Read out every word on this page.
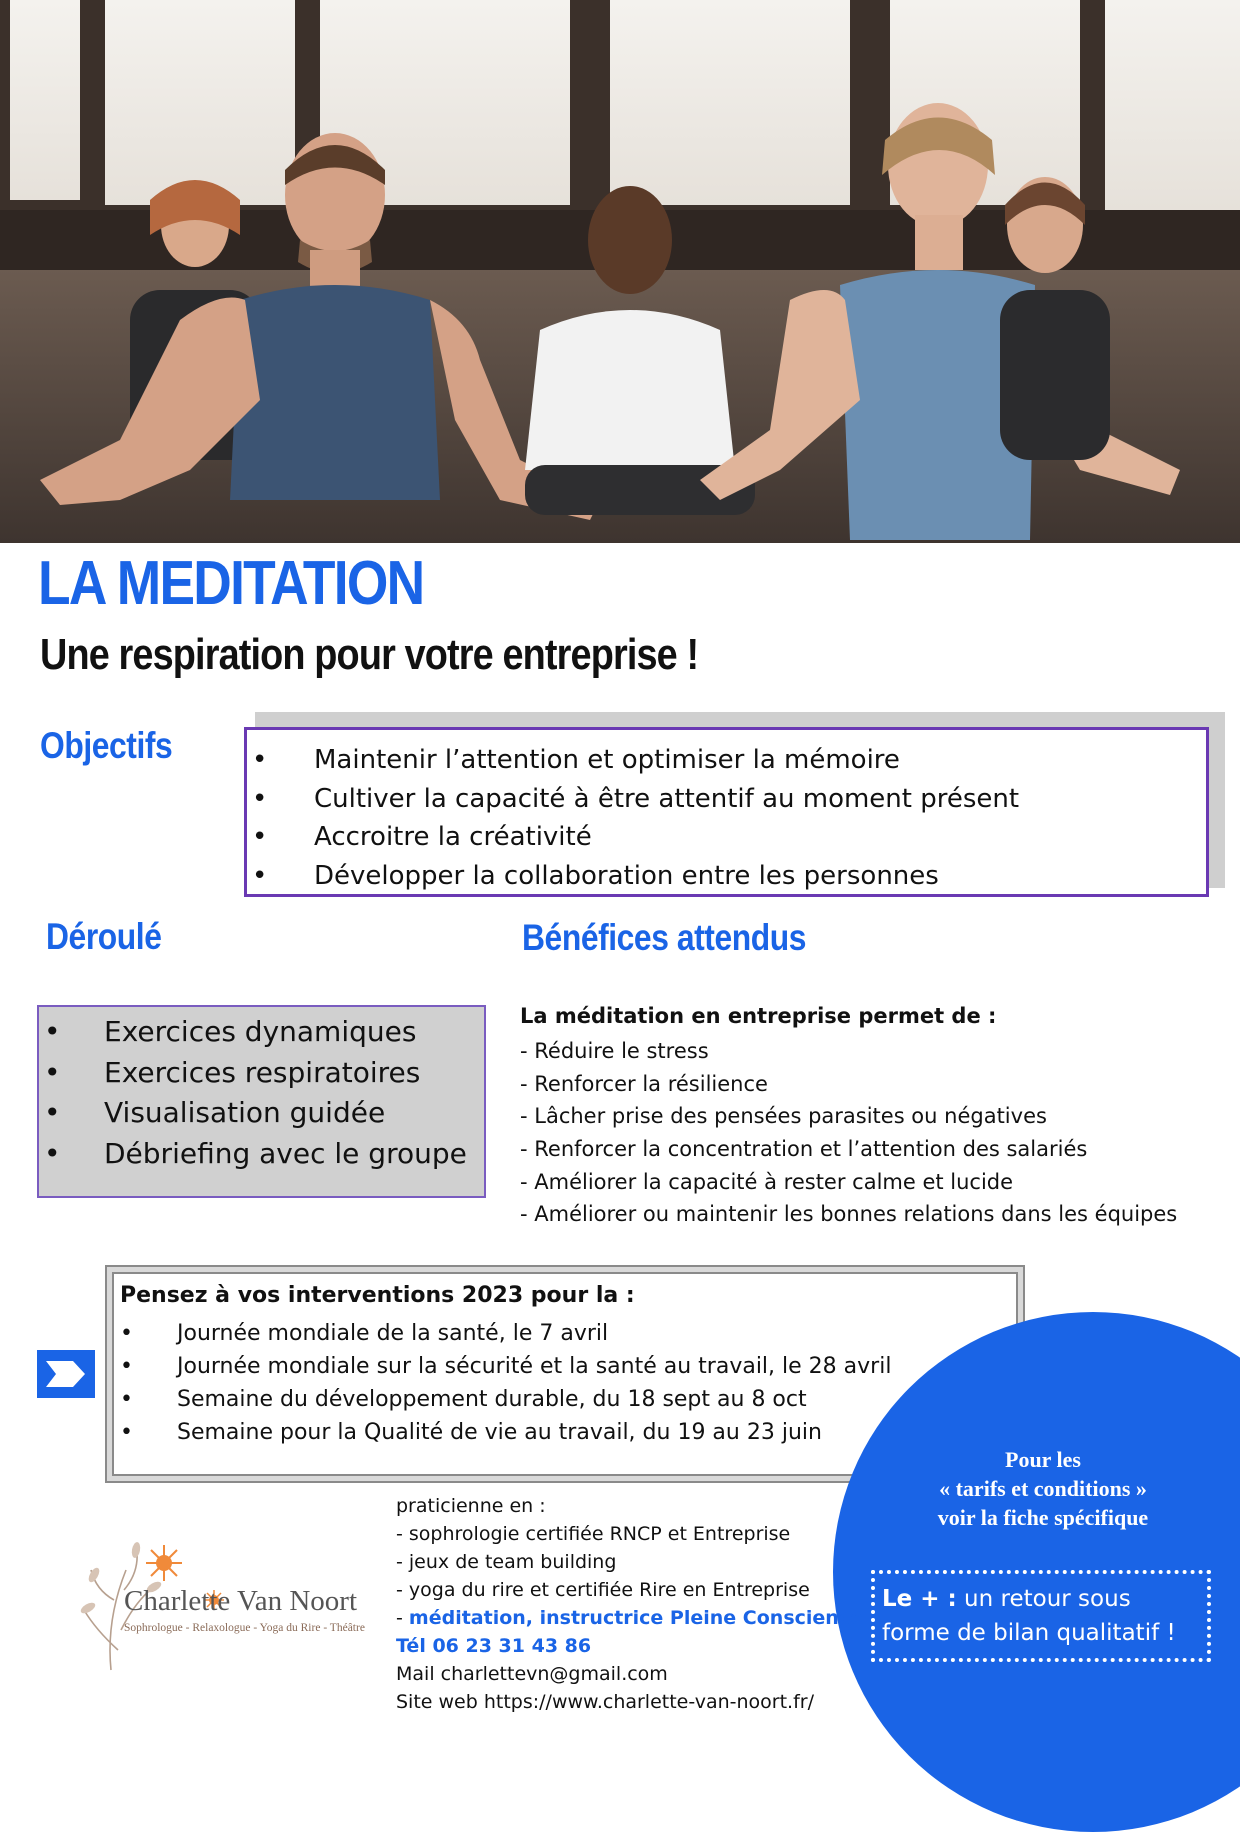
LA MEDITATION
Une respiration pour votre entreprise !
Objectifs
•	Maintenir l’attention et optimiser la mémoire
• Cultiver la capacité à être attentif au moment présent
• Accroitre la créativité
• Développer la collaboration entre les personnes
Déroulé
• Exercices dynamiques
• Exercices respiratoires
• Visualisation guidée
• Débriefing avec le groupe
Bénéfices attendus
La méditation en entreprise permet de :
- Réduire le stress
- Renforcer la résilience
- Lâcher prise des pensées parasites ou négatives
- Renforcer la concentration et l’attention des salariés
- Améliorer la capacité à rester calme et lucide
- Améliorer ou maintenir les bonnes relations dans les équipes
Pensez à vos interventions 2023 pour la :
• Journée mondiale de la santé, le 7 avril
• Journée mondiale sur la sécurité et la santé au travail, le 28 avril
• Semaine du développement durable, du 18 sept au 8 oct
• Semaine pour la Qualité de vie au travail, du 19 au 23 juin
Pour les
« tarifs et conditions »
voir la fiche spécifique
Le + : un retour sous
forme de bilan qualitatif !
Charlette Van Noort
Sophrologue - Relaxologue - Yoga du Rire - Théâtre
praticienne en :
- sophrologie certifiée RNCP et Entreprise
- jeux de team building
- yoga du rire et certifiée Rire en Entreprise
- méditation, instructrice Pleine Conscience
Tél 06 23 31 43 86
Mail charlettevn@gmail.com
Site web https://www.charlette-van-noort.fr/
